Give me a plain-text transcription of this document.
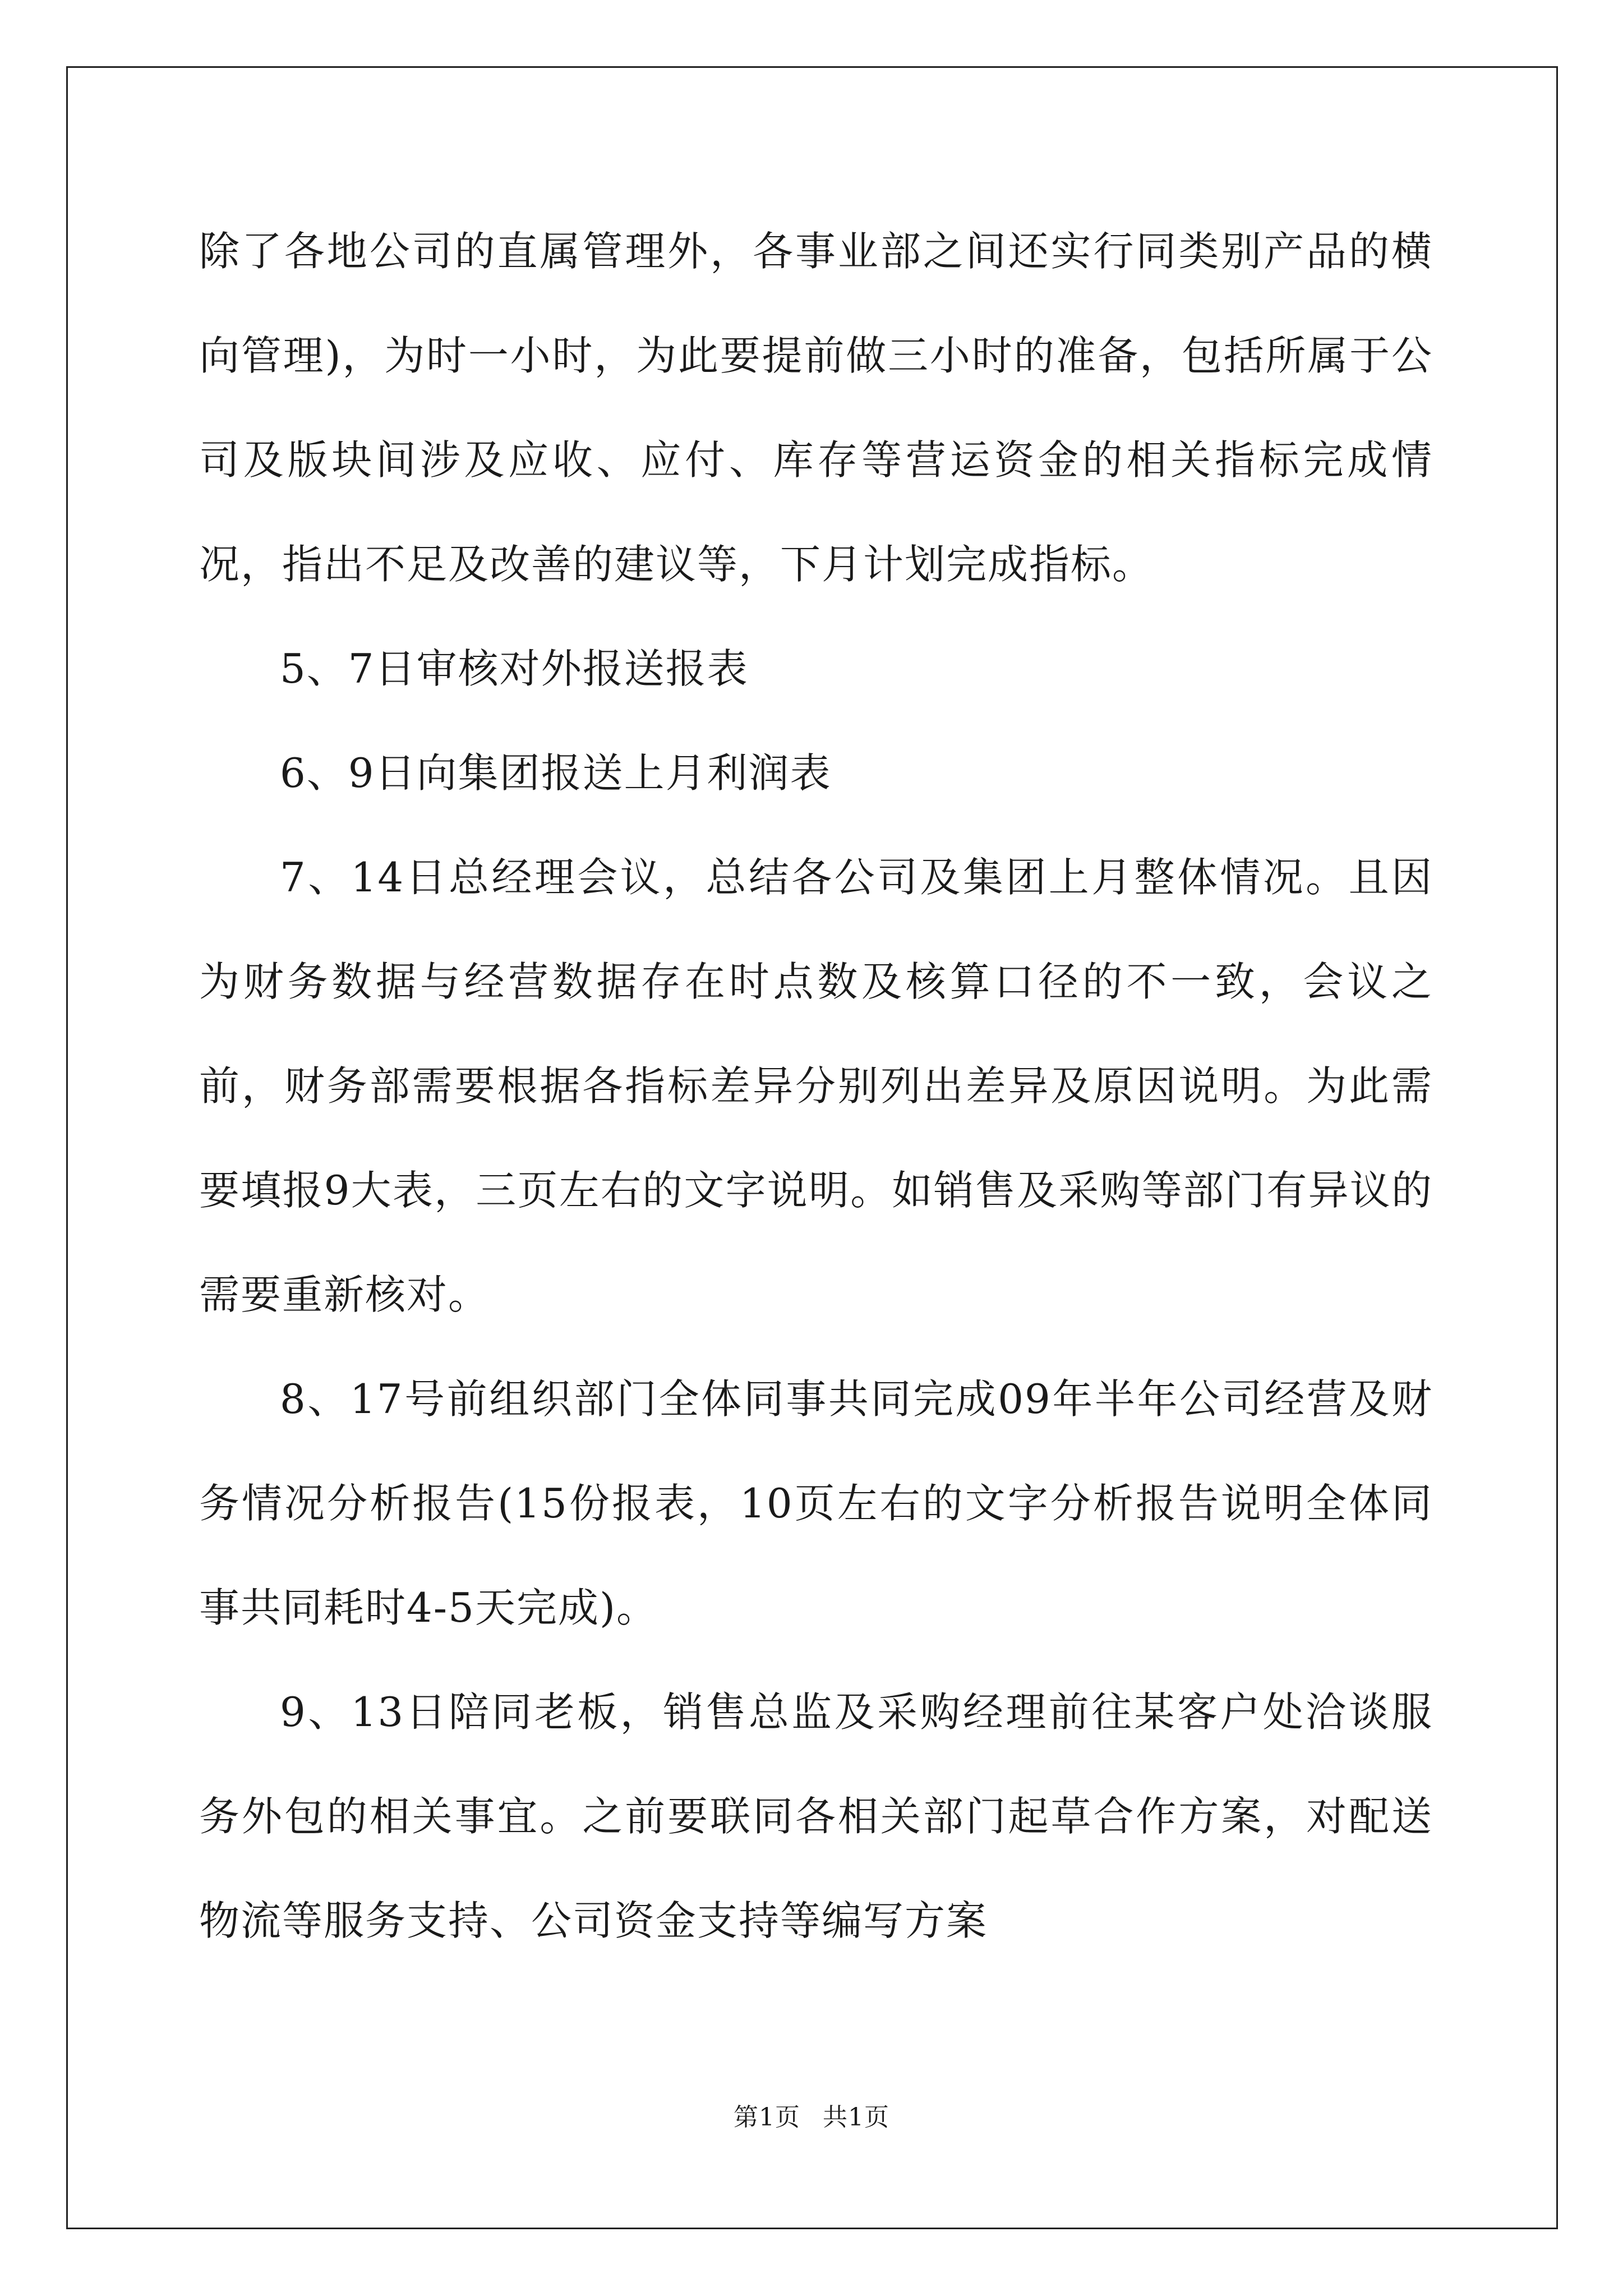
除了各地公司的直属管理外，各事业部之间还实行同类别产品的横向管理)，为时一小时，为此要提前做三小时的准备，包括所属于公司及版块间涉及应收、应付、库存等营运资金的相关指标完成情况，指出不足及改善的建议等，下月计划完成指标。

5、7日审核对外报送报表

6、9日向集团报送上月利润表

7、14日总经理会议，总结各公司及集团上月整体情况。且因为财务数据与经营数据存在时点数及核算口径的不一致，会议之前，财务部需要根据各指标差异分别列出差异及原因说明。为此需要填报9大表，三页左右的文字说明。如销售及采购等部门有异议的需要重新核对。

8、17号前组织部门全体同事共同完成09年半年公司经营及财务情况分析报告(15份报表，10页左右的文字分析报告说明全体同事共同耗时4-5天完成)。

9、13日陪同老板，销售总监及采购经理前往某客户处洽谈服务外包的相关事宜。之前要联同各相关部门起草合作方案，对配送物流等服务支持、公司资金支持等编写方案

第1页 共1页
